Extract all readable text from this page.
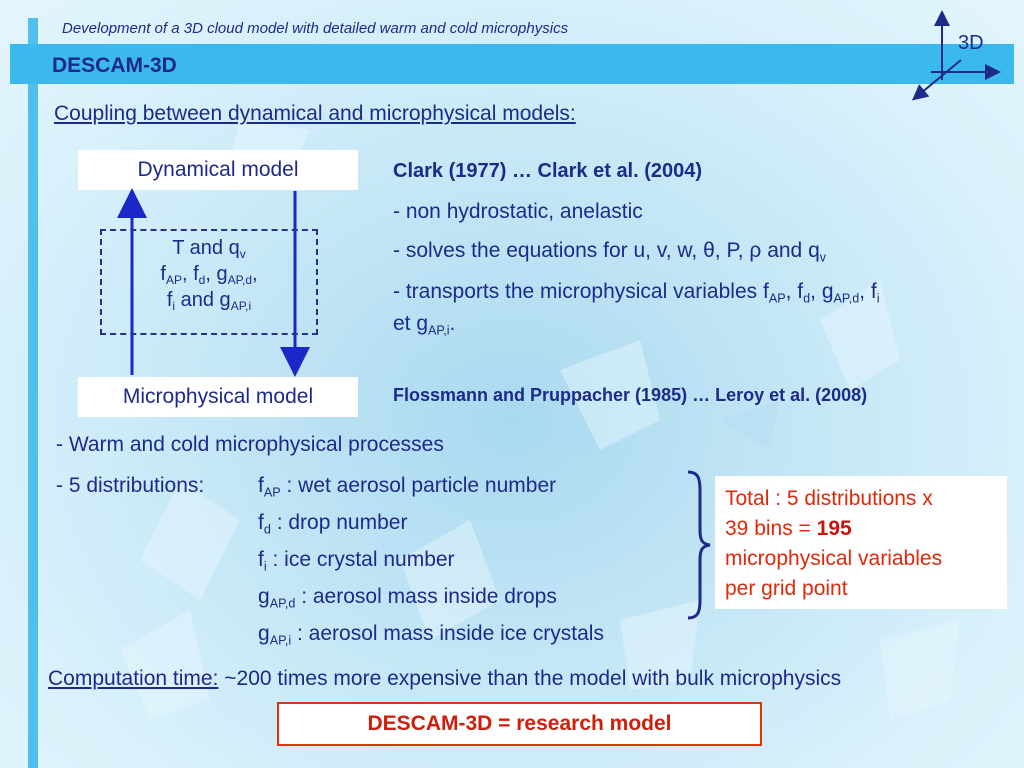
Development of a 3D cloud model with detailed warm and cold microphysics
DESCAM-3D
3D
Coupling between dynamical and microphysical models:
Dynamical model
Microphysical model
T and $q_v$
$f_{AP}$, $f_d$, $g_{AP,d}$,
$f_i$ and $g_{AP,i}$
Clark (1977) … Clark et al. (2004)
- non hydrostatic, anelastic
- solves the equations for u, v, w, θ, P, ρ and $q_v$
- transports the microphysical variables $f_{AP}$, $f_d$, $g_{AP,d}$, $f_i$
et $g_{AP,i}$.
Flossmann and Pruppacher (1985) … Leroy et al. (2008)
- Warm and cold microphysical processes
- 5 distributions:	$f_{AP}$ : wet aerosol particle number
$f_d$ : drop number
$f_i$ : ice crystal number
$g_{AP,d}$ : aerosol mass inside drops
$g_{AP,i}$ : aerosol mass inside ice crystals
Total : 5 distributions x
39 bins = 195
microphysical variables
per grid point
Computation time: ~200 times more expensive than the model with bulk microphysics
DESCAM-3D = research model
